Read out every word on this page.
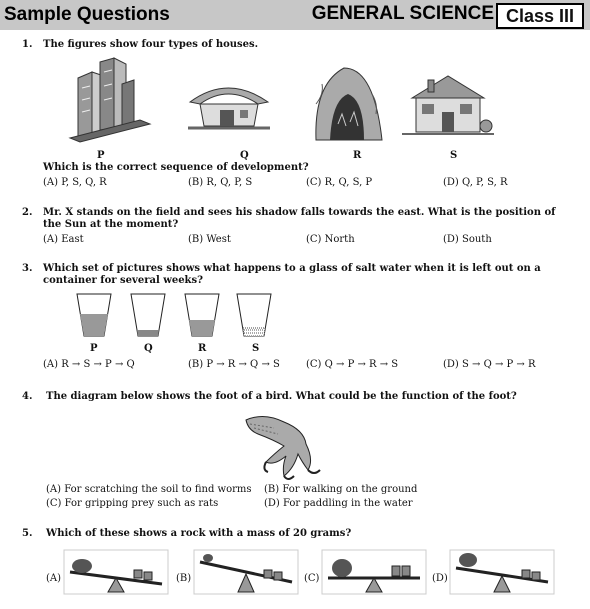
Sample Questions	GENERAL SCIENCE Class III
1. The figures show four types of houses.
P	Q	R	S
Which is the correct sequence of development?
(A) P, S, Q, R	(B) R, Q, P, S	(C) R, Q, S, P	(D) Q, P, S, R
2. Mr. X stands on the field and sees his shadow falls towards the east. What is the position of the Sun at the moment?
(A) East	(B) West	(C) North	(D) South
3. Which set of pictures shows what happens to a glass of salt water when it is left out on a container for several weeks?
P	Q	R	S
(A) R → S → P → Q	(B) P → R → Q → S	(C) Q → P → R → S	(D) S → Q → P → R
4. The diagram below shows the foot of a bird. What could be the function of the foot?
(A) For scratching the soil to find worms (B) For walking on the ground
(C) For gripping prey such as rats	(D) For paddling in the water
5. Which of these shows a rock with a mass of 20 grams?
(A)	(B)	(C)	(D)
